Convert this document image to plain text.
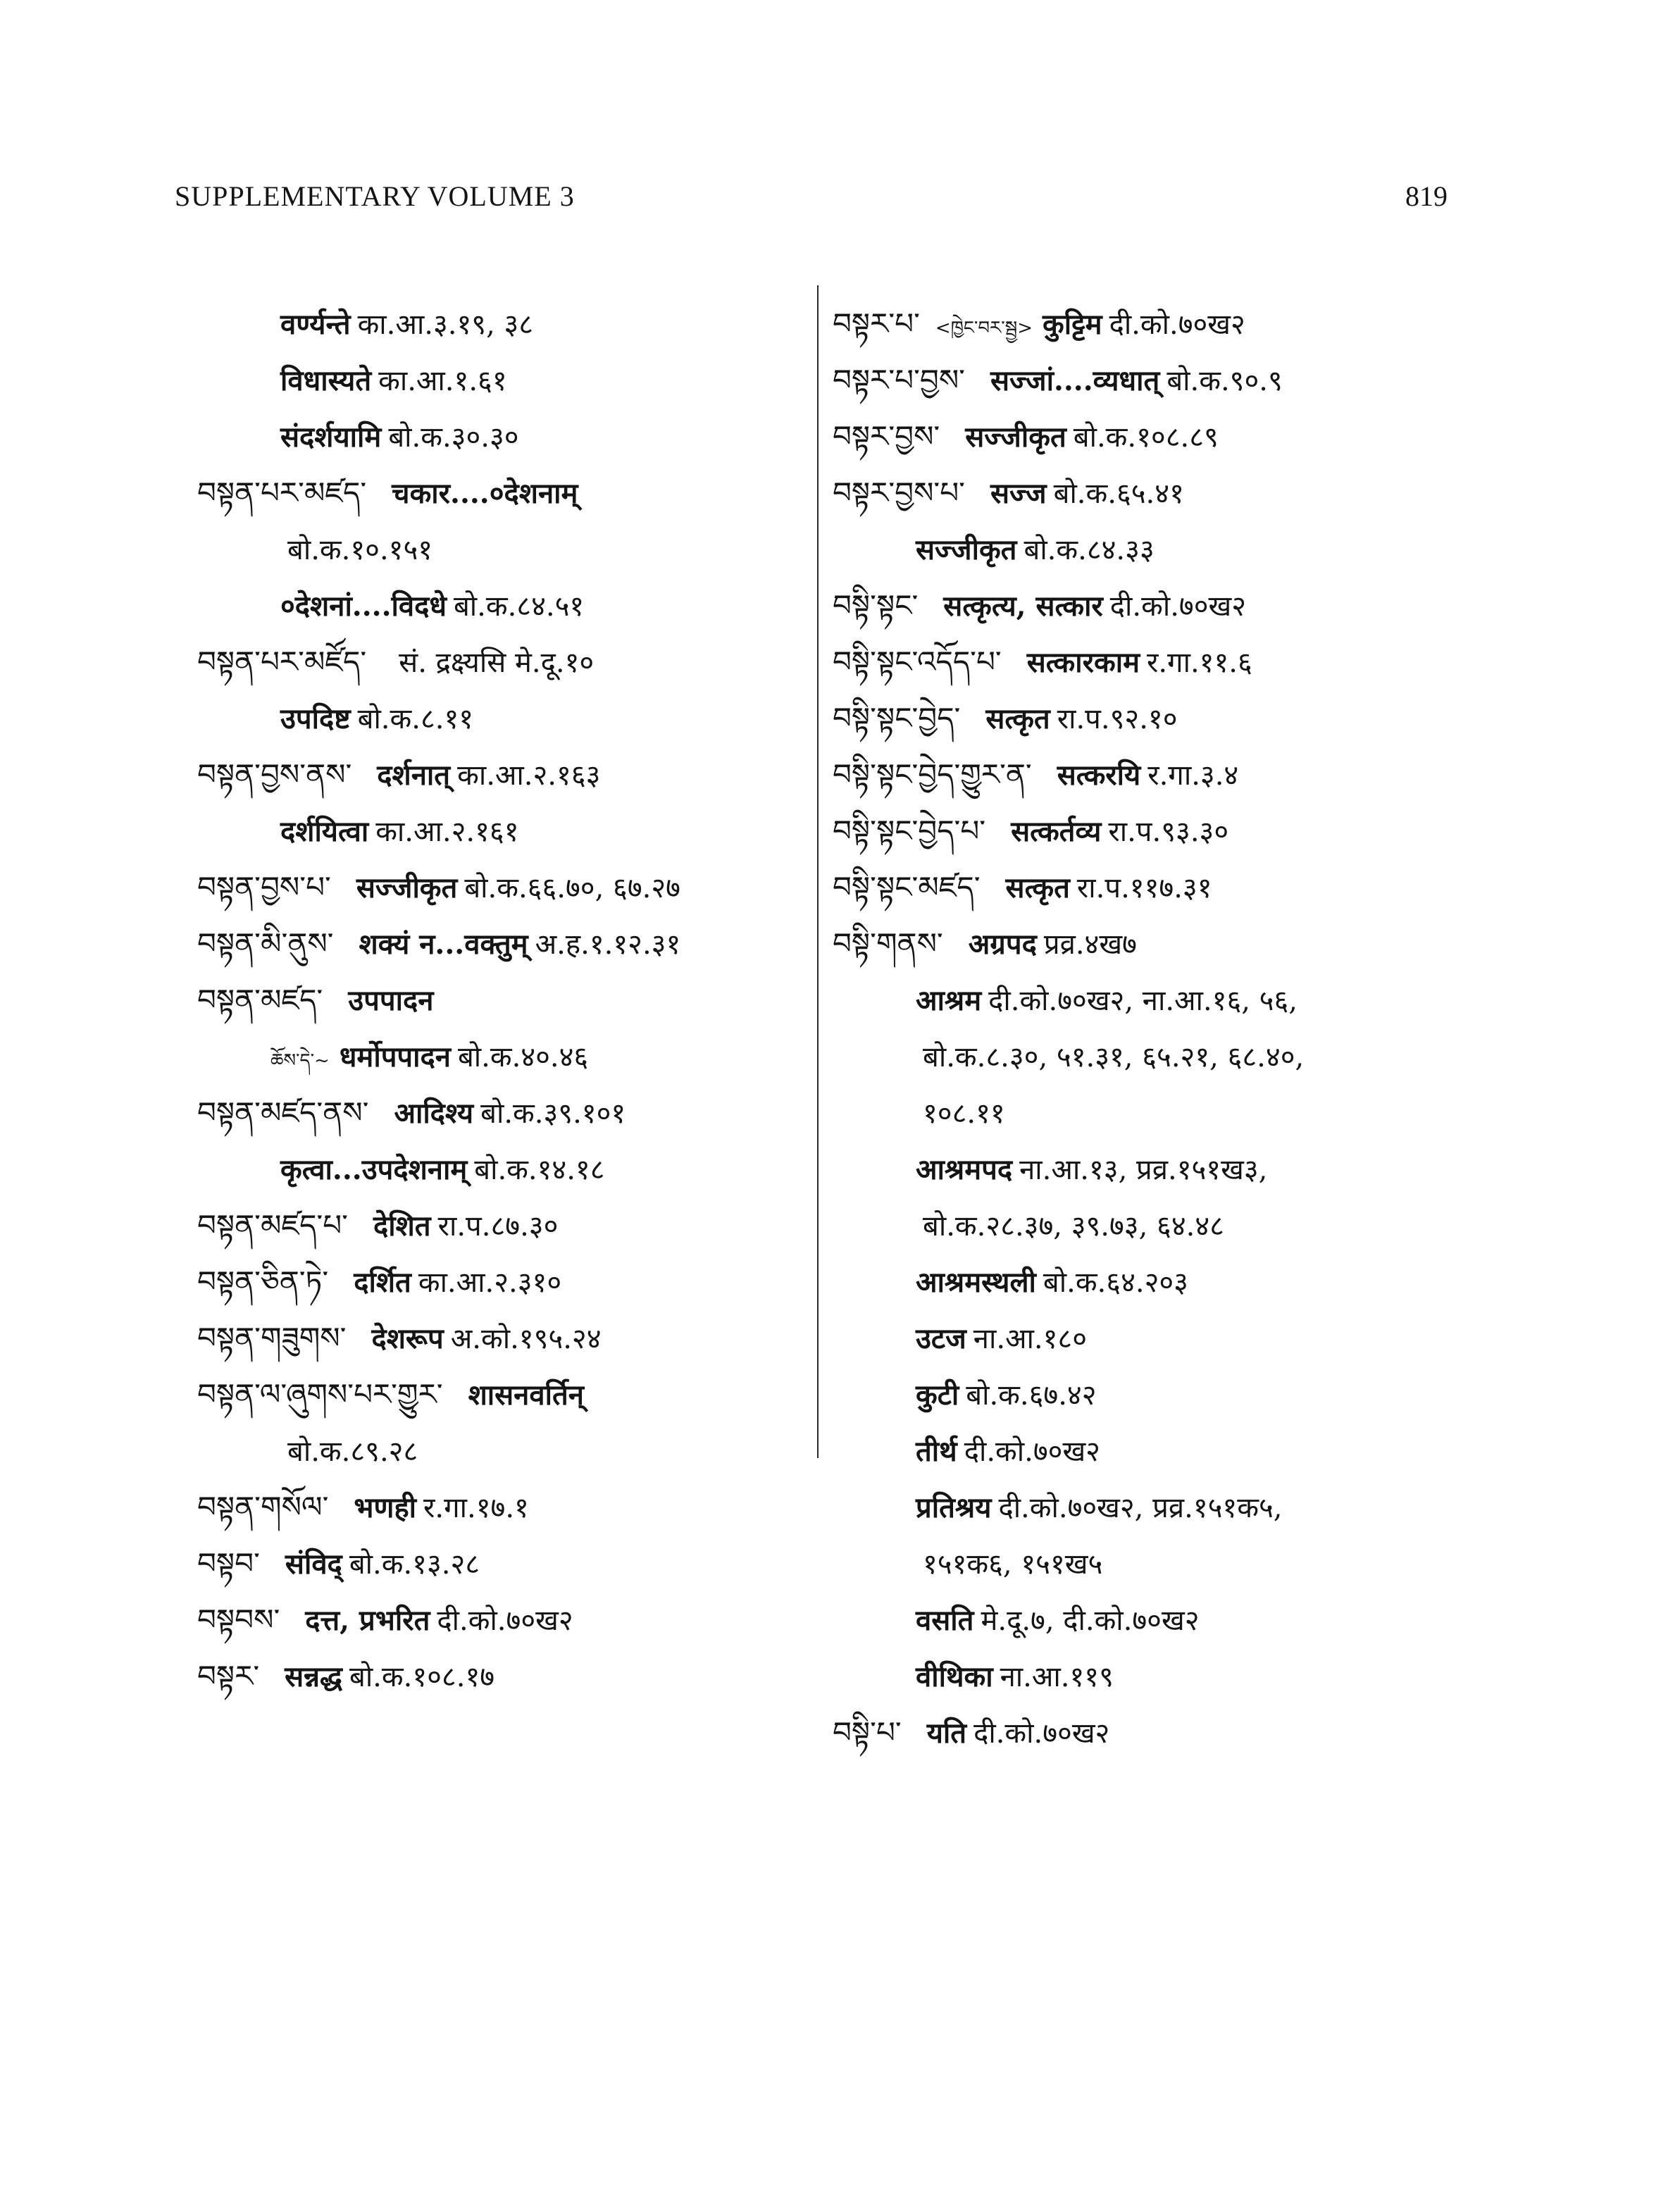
SUPPLEMENTARY VOLUME 3	819
वर्ण्यन्ते का.आ.३.१९, ३८
विधास्यते का.आ.१.६१
संदर्शयामि बो.क.३०.३०
བསྟན་པར་མཛད་ चकार....०देशनाम्
बो.क.१०.१५१
०देशनां....विदधे बो.क.८४.५१
བསྟན་པར་མཛོད་ सं. द्रक्ष्यसि मे.दू.१०
उपदिष्ट बो.क.८.११
བསྟན་བྱས་ནས་ दर्शनात् का.आ.२.१६३
दर्शयित्वा का.आ.२.१६१
བསྟན་བྱས་པ་ सज्जीकृत बो.क.६६.७०, ६७.२७
བསྟན་མི་ནུས་ शक्यं न...वक्तुम् अ.ह.१.१२.३१
བསྟན་མཛད་ उपपादन
ཆོས་དེ་~ धर्मोपपादन बो.क.४०.४६
བསྟན་མཛད་ནས་ आदिश्य बो.क.३९.१०१
कृत्वा...उपदेशनाम् बो.क.१४.१८
བསྟན་མཛད་པ་ देशित रा.प.८७.३०
བསྟན་ཅིན་ཏེ་ दर्शित का.आ.२.३१०
བསྟན་གཟུགས་ देशरूप अ.को.१९५.२४
བསྟན་ལ་ཞུགས་པར་གྱུར་ शासनवर्तिन्
बो.क.८९.२८
བསྟན་གསོལ་ भणही र.गा.१७.१
བསྟབ་ संविद् बो.क.१३.२८
བསྟབས་ दत्त, प्रभरित दी.को.७०ख२
བསྟར་ सन्नद्ध बो.क.१०८.१७
བསྟར་པ་ <ཁྱེང་བར་སྦྱ> कुट्टिम दी.को.७०ख२
བསྟར་པ་བྱས་ सज्जां....व्यधात् बो.क.९०.९
བསྟར་བྱས་ सज्जीकृत बो.क.१०८.८९
བསྟར་བྱས་པ་ सज्ज बो.क.६५.४१
सज्जीकृत बो.क.८४.३३
བསྟི་སྟང་ सत्कृत्य, सत्कार दी.को.७०ख२
བསྟི་སྟང་འདོད་པ་ सत्कारकाम र.गा.११.६
བསྟི་སྟང་བྱེད་ सत्कृत रा.प.९२.१०
བསྟི་སྟང་བྱེད་གྱུར་ན་ सत्करयि र.गा.३.४
བསྟི་སྟང་བྱེད་པ་ सत्कर्तव्य रा.प.९३.३०
བསྟི་སྟང་མཛད་ सत्कृत रा.प.११७.३१
བསྟི་གནས་ अग्रपद प्रव्र.४ख७
आश्रम दी.को.७०ख२, ना.आ.१६, ५६,
बो.क.८.३०, ५१.३१, ६५.२१, ६८.४०,
१०८.११
आश्रमपद ना.आ.१३, प्रव्र.१५१ख३,
बो.क.२८.३७, ३९.७३, ६४.४८
आश्रमस्थली बो.क.६४.२०३
उटज ना.आ.१८०
कुटी बो.क.६७.४२
तीर्थ दी.को.७०ख२
प्रतिश्रय दी.को.७०ख२, प्रव्र.१५१क५,
१५१क६, १५१ख५
वसति मे.दू.७, दी.को.७०ख२
वीथिका ना.आ.११९
བསྟི་པ་ यति दी.को.७०ख२
